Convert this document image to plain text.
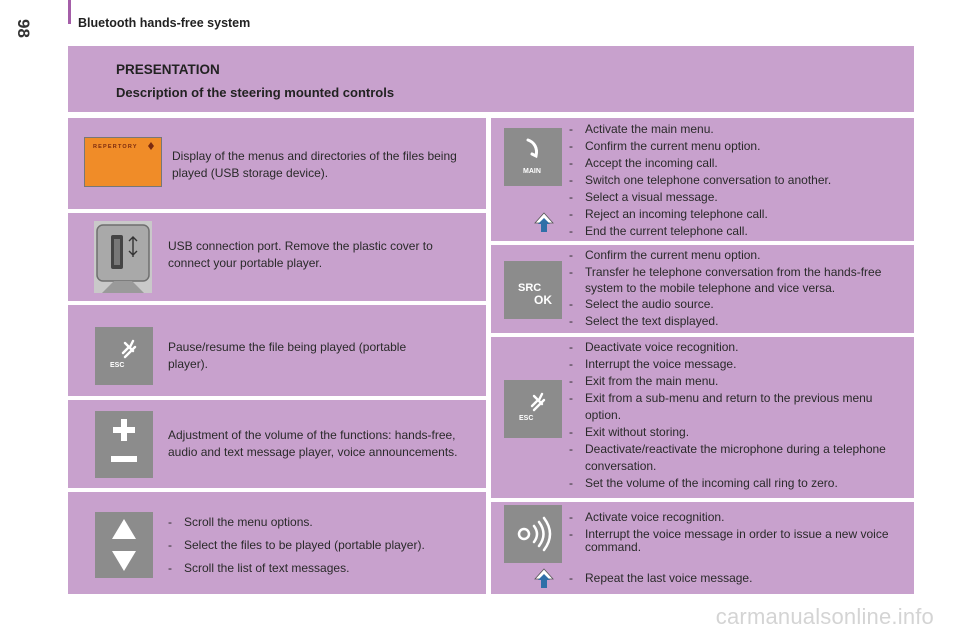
98	Bluetooth hands-free system
PRESENTATION
Description of the steering mounted controls
REPERTORY
Display of the menus and directories of the files being played (USB storage device).
USB connection port. Remove the plastic cover to connect your portable player.
ESC
Pause/resume the file being played (portable player).
Adjustment of the volume of the functions: hands-free, audio and text message player, voice announcements.
- Scroll the menu options.
- Select the files to be played (portable player).
- Scroll the list of text messages.
MAIN
- Activate the main menu.
- Confirm the current menu option.
- Accept the incoming call.
- Switch one telephone conversation to another.
- Select a visual message.
- Reject an incoming telephone call.
- End the current telephone call.
SRC
OK
- Confirm the current menu option.
- Transfer he telephone conversation from the hands-free system to the mobile telephone and vice versa.
- Select the audio source.
- Select the text displayed.
ESC
- Deactivate voice recognition.
- Interrupt the voice message.
- Exit from the main menu.
- Exit from a sub-menu and return to the previous menu option.
- Exit without storing.
- Deactivate/reactivate the microphone during a telephone conversation.
- Set the volume of the incoming call ring to zero.
- Activate voice recognition.
- Interrupt the voice message in order to issue a new voice command.
- Repeat the last voice message.
carmanualsonline.info
